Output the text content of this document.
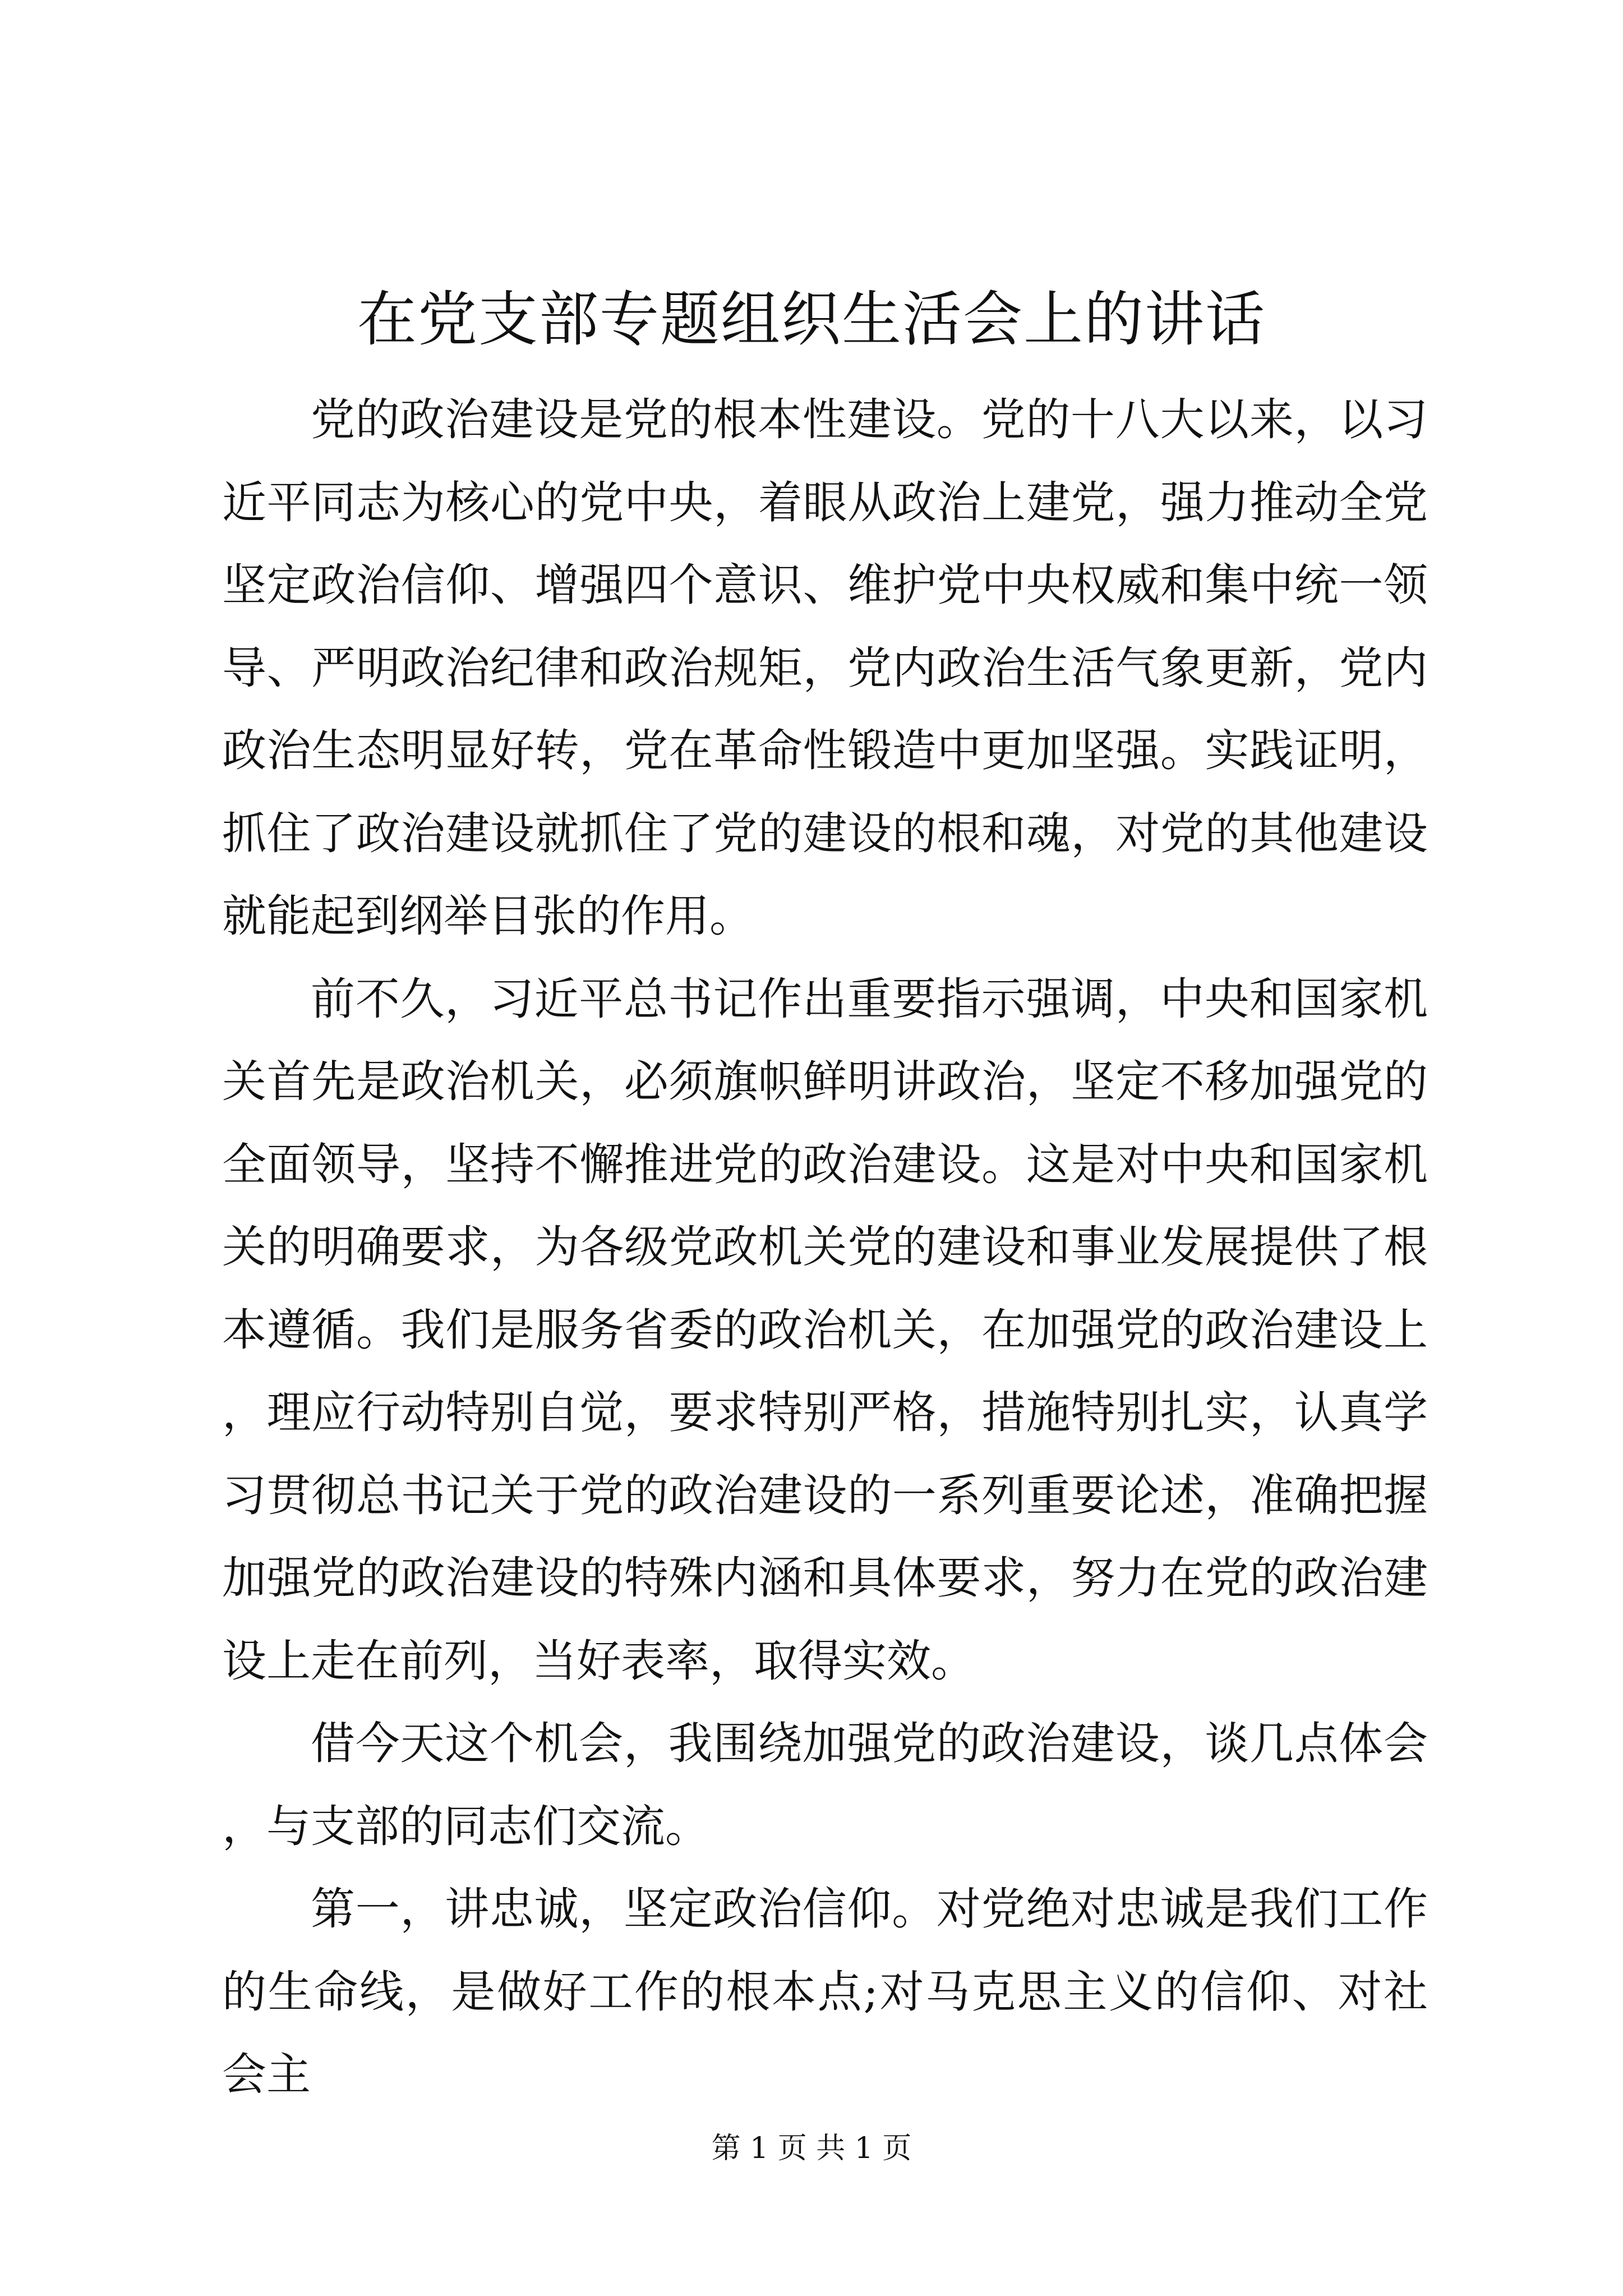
在党支部专题组织生活会上的讲话

党的政治建设是党的根本性建设。党的十八大以来，以习近平同志为核心的党中央，着眼从政治上建党，强力推动全党坚定政治信仰、增强四个意识、维护党中央权威和集中统一领导、严明政治纪律和政治规矩，党内政治生活气象更新，党内政治生态明显好转，党在革命性锻造中更加坚强。实践证明，抓住了政治建设就抓住了党的建设的根和魂，对党的其他建设就能起到纲举目张的作用。

前不久，习近平总书记作出重要指示强调，中央和国家机关首先是政治机关，必须旗帜鲜明讲政治，坚定不移加强党的全面领导，坚持不懈推进党的政治建设。这是对中央和国家机关的明确要求，为各级党政机关党的建设和事业发展提供了根本遵循。我们是服务省委的政治机关，在加强党的政治建设上，理应行动特别自觉，要求特别严格，措施特别扎实，认真学习贯彻总书记关于党的政治建设的一系列重要论述，准确把握加强党的政治建设的特殊内涵和具体要求，努力在党的政治建设上走在前列，当好表率，取得实效。

借今天这个机会，我围绕加强党的政治建设，谈几点体会，与支部的同志们交流。

第一，讲忠诚，坚定政治信仰。对党绝对忠诚是我们工作的生命线，是做好工作的根本点;对马克思主义的信仰、对社会主

第 1 页 共 1 页
